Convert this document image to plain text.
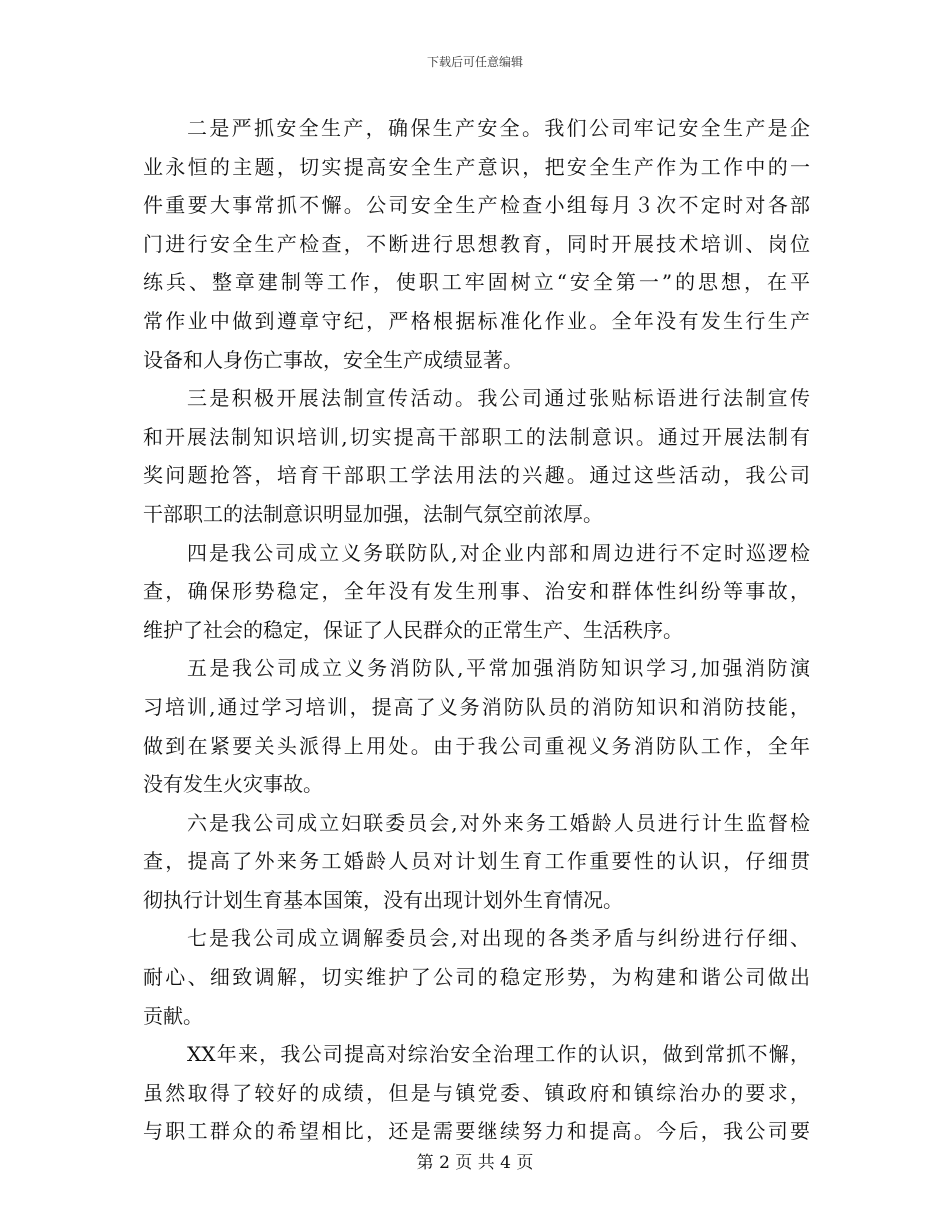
下载后可任意编辑
二是严抓安全生产，确保生产安全。我们公司牢记安全生产是企
业永恒的主题，切实提高安全生产意识，把安全生产作为工作中的一
件重要大事常抓不懈。公司安全生产检查小组每月３次不定时对各部
门进行安全生产检查，不断进行思想教育，同时开展技术培训、岗位
练兵、整章建制等工作，使职工牢固树立“安全第一”的思想，在平
常作业中做到遵章守纪，严格根据标准化作业。全年没有发生行生产
设备和人身伤亡事故，安全生产成绩显著。
三是积极开展法制宣传活动。我公司通过张贴标语进行法制宣传
和开展法制知识培训,切实提高干部职工的法制意识。通过开展法制有
奖问题抢答，培育干部职工学法用法的兴趣。通过这些活动，我公司
干部职工的法制意识明显加强，法制气氛空前浓厚。
四是我公司成立义务联防队,对企业内部和周边进行不定时巡逻检
查，确保形势稳定，全年没有发生刑事、治安和群体性纠纷等事故，
维护了社会的稳定，保证了人民群众的正常生产、生活秩序。
五是我公司成立义务消防队,平常加强消防知识学习,加强消防演
习培训,通过学习培训，提高了义务消防队员的消防知识和消防技能，
做到在紧要关头派得上用处。由于我公司重视义务消防队工作，全年
没有发生火灾事故。
六是我公司成立妇联委员会,对外来务工婚龄人员进行计生监督检
查，提高了外来务工婚龄人员对计划生育工作重要性的认识，仔细贯
彻执行计划生育基本国策，没有出现计划外生育情况。
七是我公司成立调解委员会,对出现的各类矛盾与纠纷进行仔细、
耐心、细致调解，切实维护了公司的稳定形势，为构建和谐公司做出
贡献。
XX年来，我公司提高对综治安全治理工作的认识，做到常抓不懈，
虽然取得了较好的成绩，但是与镇党委、镇政府和镇综治办的要求，
与职工群众的希望相比，还是需要继续努力和提高。今后，我公司要
第 2 页 共 4 页
